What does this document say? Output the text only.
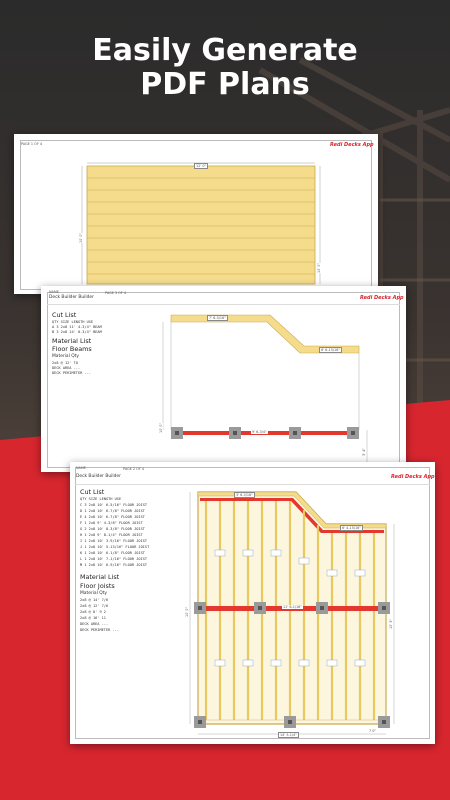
Easily Generate
PDF Plans
PAGE 1 OF 4	Redi Decks App
12' 0"
10' 0"
10' 0"
NAME
Deck Builder Builder
PAGE 3 OF 4
Redi Decks App
Cut List
QTY SIZE LENGTH USE
A 3 2x8 11' 4-3/4" BEAM
B 3 2x8 14' 0-3/4" BEAM
Material List
Floor Beams
Material Qty
2x8 @ 12' TO
DECK AREA ---
DECK PERIMETER ---
7' 6-3/16"
6' 6-15/16"
9' 6-3/4"
10' 0"
3' 4"
NAME
Deck Builder Builder
PAGE 2 OF 4
Redi Decks App
Cut List
QTY SIZE LENGTH USE
C 3 2x8 10' 6-5/16" FLOOR JOIST
D 1 2x8 10' 6-7/8" FLOOR JOIST
E 4 2x8 10' 6-7/8" FLOOR JOIST
F 1 2x8 9' 4-3/8" FLOOR JOIST
G 2 2x8 10' 8-3/8" FLOOR JOIST
H 1 2x8 9' 8-1/4" FLOOR JOIST
I 1 2x8 10' 3-9/16" FLOOR JOIST
J 1 2x8 10' 5-13/16" FLOOR JOIST
K 1 2x8 10' 6-1/8" FLOOR JOIST
L 1 2x8 10' 7-1/16" FLOOR JOIST
M 1 2x8 10' 6-9/16" FLOOR JOIST
Material List
Floor Joists
Material Qty
2x8 @ 14' 7/6
2x8 @ 12' 7/6
2x8 @ 8' 9 2
2x8 @ 16' 11
DECK AREA ---
DECK PERIMETER ---
3' 6-3/16"
6' 4-15/16"
11' 6-1/16"
10' 0"
10' 3"
14' 5-1/4"
7 0"
